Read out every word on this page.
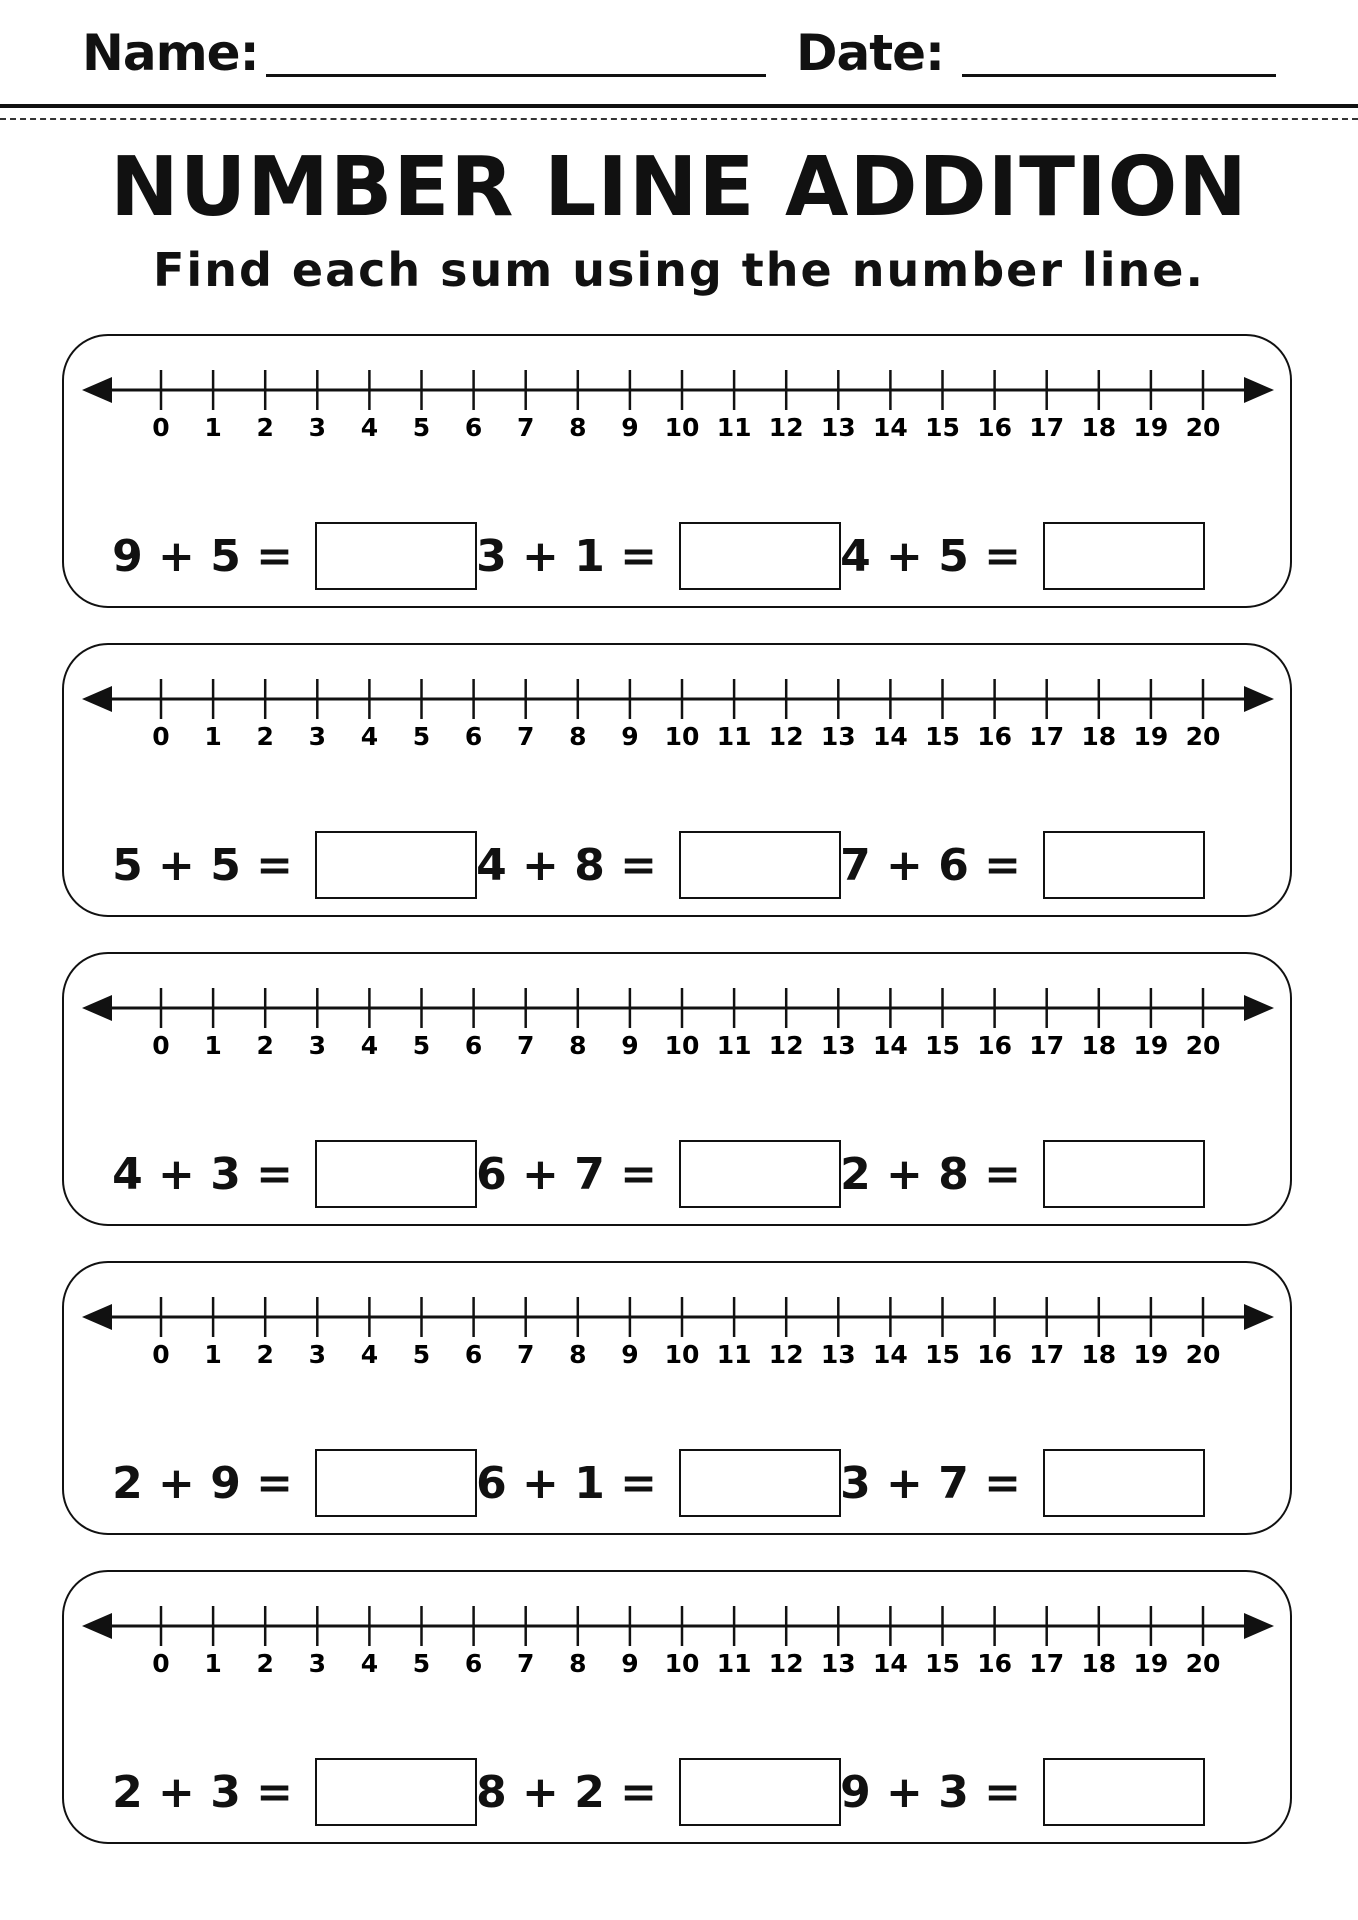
Name:	Date:
NUMBER LINE ADDITION
Find each sum using the number line.
0 1 2 3 4 5 6 7 8 9 10 11 12 13 14 15 16 17 18 19 20
9 + 5 =	3 + 1 =	4 + 5 =
0 1 2 3 4 5 6 7 8 9 10 11 12 13 14 15 16 17 18 19 20
5 + 5 =	4 + 8 =	7 + 6 =
0 1 2 3 4 5 6 7 8 9 10 11 12 13 14 15 16 17 18 19 20
4 + 3 =	6 + 7 =	2 + 8 =
0 1 2 3 4 5 6 7 8 9 10 11 12 13 14 15 16 17 18 19 20
2 + 9 =	6 + 1 =	3 + 7 =
0 1 2 3 4 5 6 7 8 9 10 11 12 13 14 15 16 17 18 19 20
2 + 3 =	8 + 2 =	9 + 3 =
